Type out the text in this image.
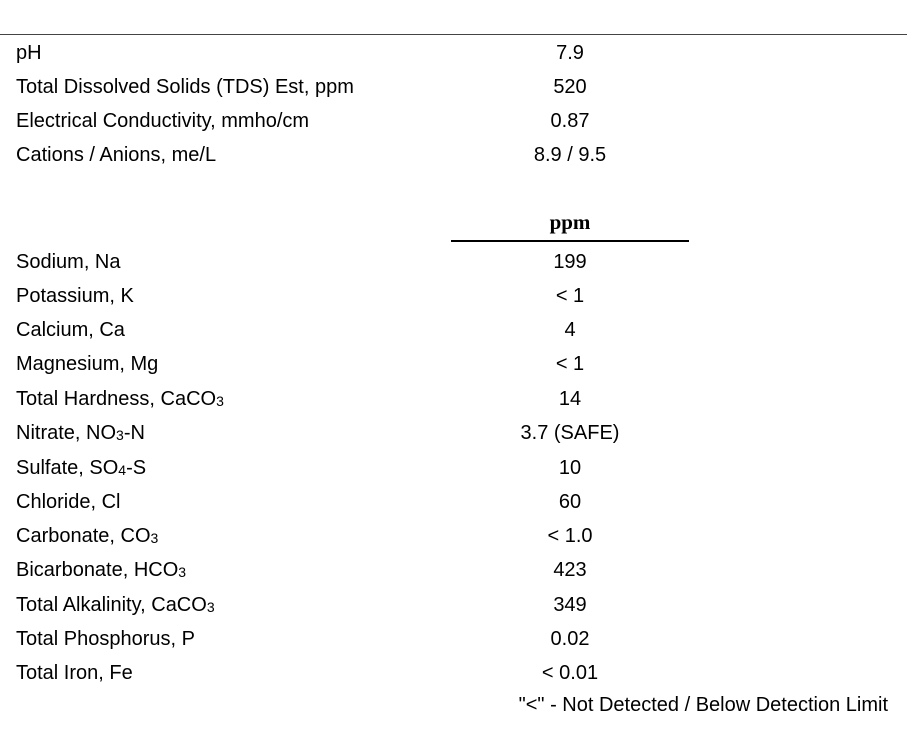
pH	7.9
Total Dissolved Solids (TDS) Est, ppm	520
Electrical Conductivity, mmho/cm	0.87
Cations / Anions, me/L	8.9 / 9.5
ppm
Sodium, Na	199
Potassium, K	< 1
Calcium, Ca	4
Magnesium, Mg	< 1
Total Hardness, CaCO$_3$	14
Nitrate, $NO_3-N$	3.7 (SAFE)
Sulfate, $SO_4-S$	10
Chloride, Cl	60
Carbonate, $CO_3$	< 1.0
Bicarbonate, $HCO_3$	423
Total Alkalinity, CaCO$_3$	349
Total Phosphorus, P	0.02
Total Iron, Fe	< 0.01
"<" - Not Detected / Below Detection Limit
